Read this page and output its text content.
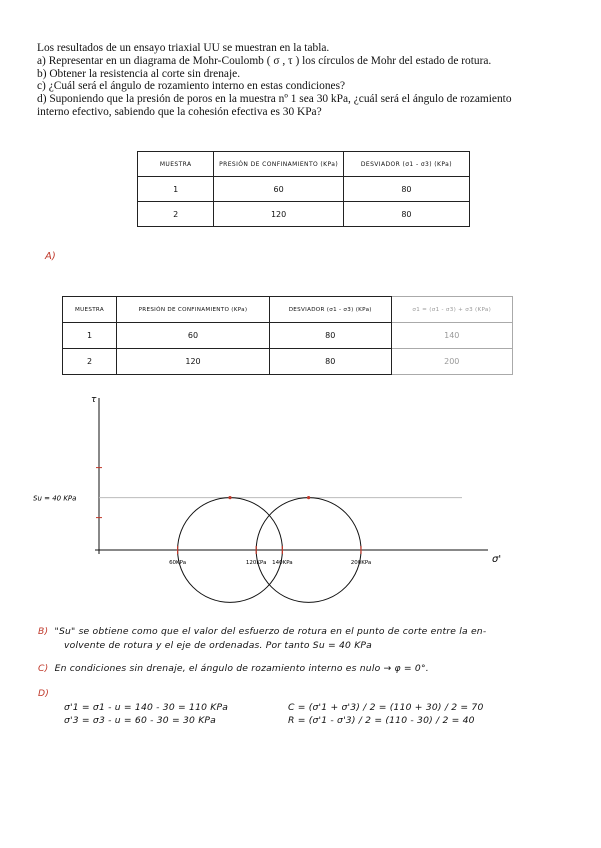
Los resultados de un ensayo triaxial UU se muestran en la tabla.
a) Representar en un diagrama de Mohr-Coulomb ( σ , τ ) los círculos de Mohr del estado de rotura.
b) Obtener la resistencia al corte sin drenaje.
c) ¿Cuál será el ángulo de rozamiento interno en estas condiciones?
d) Suponiendo que la presión de poros en la muestra nº 1 sea 30 kPa, ¿cuál será el ángulo de rozamiento
interno efectivo, sabiendo que la cohesión efectiva es 30 KPa?
MUESTRA	PRESIÓN DE CONFINAMIENTO (KPa)	DESVIADOR (σ1 - σ3) (KPa)
1	60	80
2	120	80
A)
MUESTRA	PRESIÓN DE CONFINAMIENTO (KPa)	DESVIADOR (σ1 - σ3) (KPa)	σ1 = (σ1 - σ3) + σ3 (KPa)
1	60	80	140
2	120	80	200
τ
σ'
Su = 40 KPa
60KPa	120KPa 140KPa	200KPa
B) "Su" se obtiene como que el valor del esfuerzo de rotura en el punto de corte entre la en-
volvente de rotura y el eje de ordenadas. Por tanto Su = 40 KPa
C) En condiciones sin drenaje, el ángulo de rozamiento interno es nulo → φ = 0°.
D)
σ'1 = σ1 - u = 140 - 30 = 110 KPa
σ'3 = σ3 - u = 60 - 30 = 30 KPa
C = (σ'1 + σ'3) / 2 = (110 + 30) / 2 = 70
R = (σ'1 - σ'3) / 2 = (110 - 30) / 2 = 40
